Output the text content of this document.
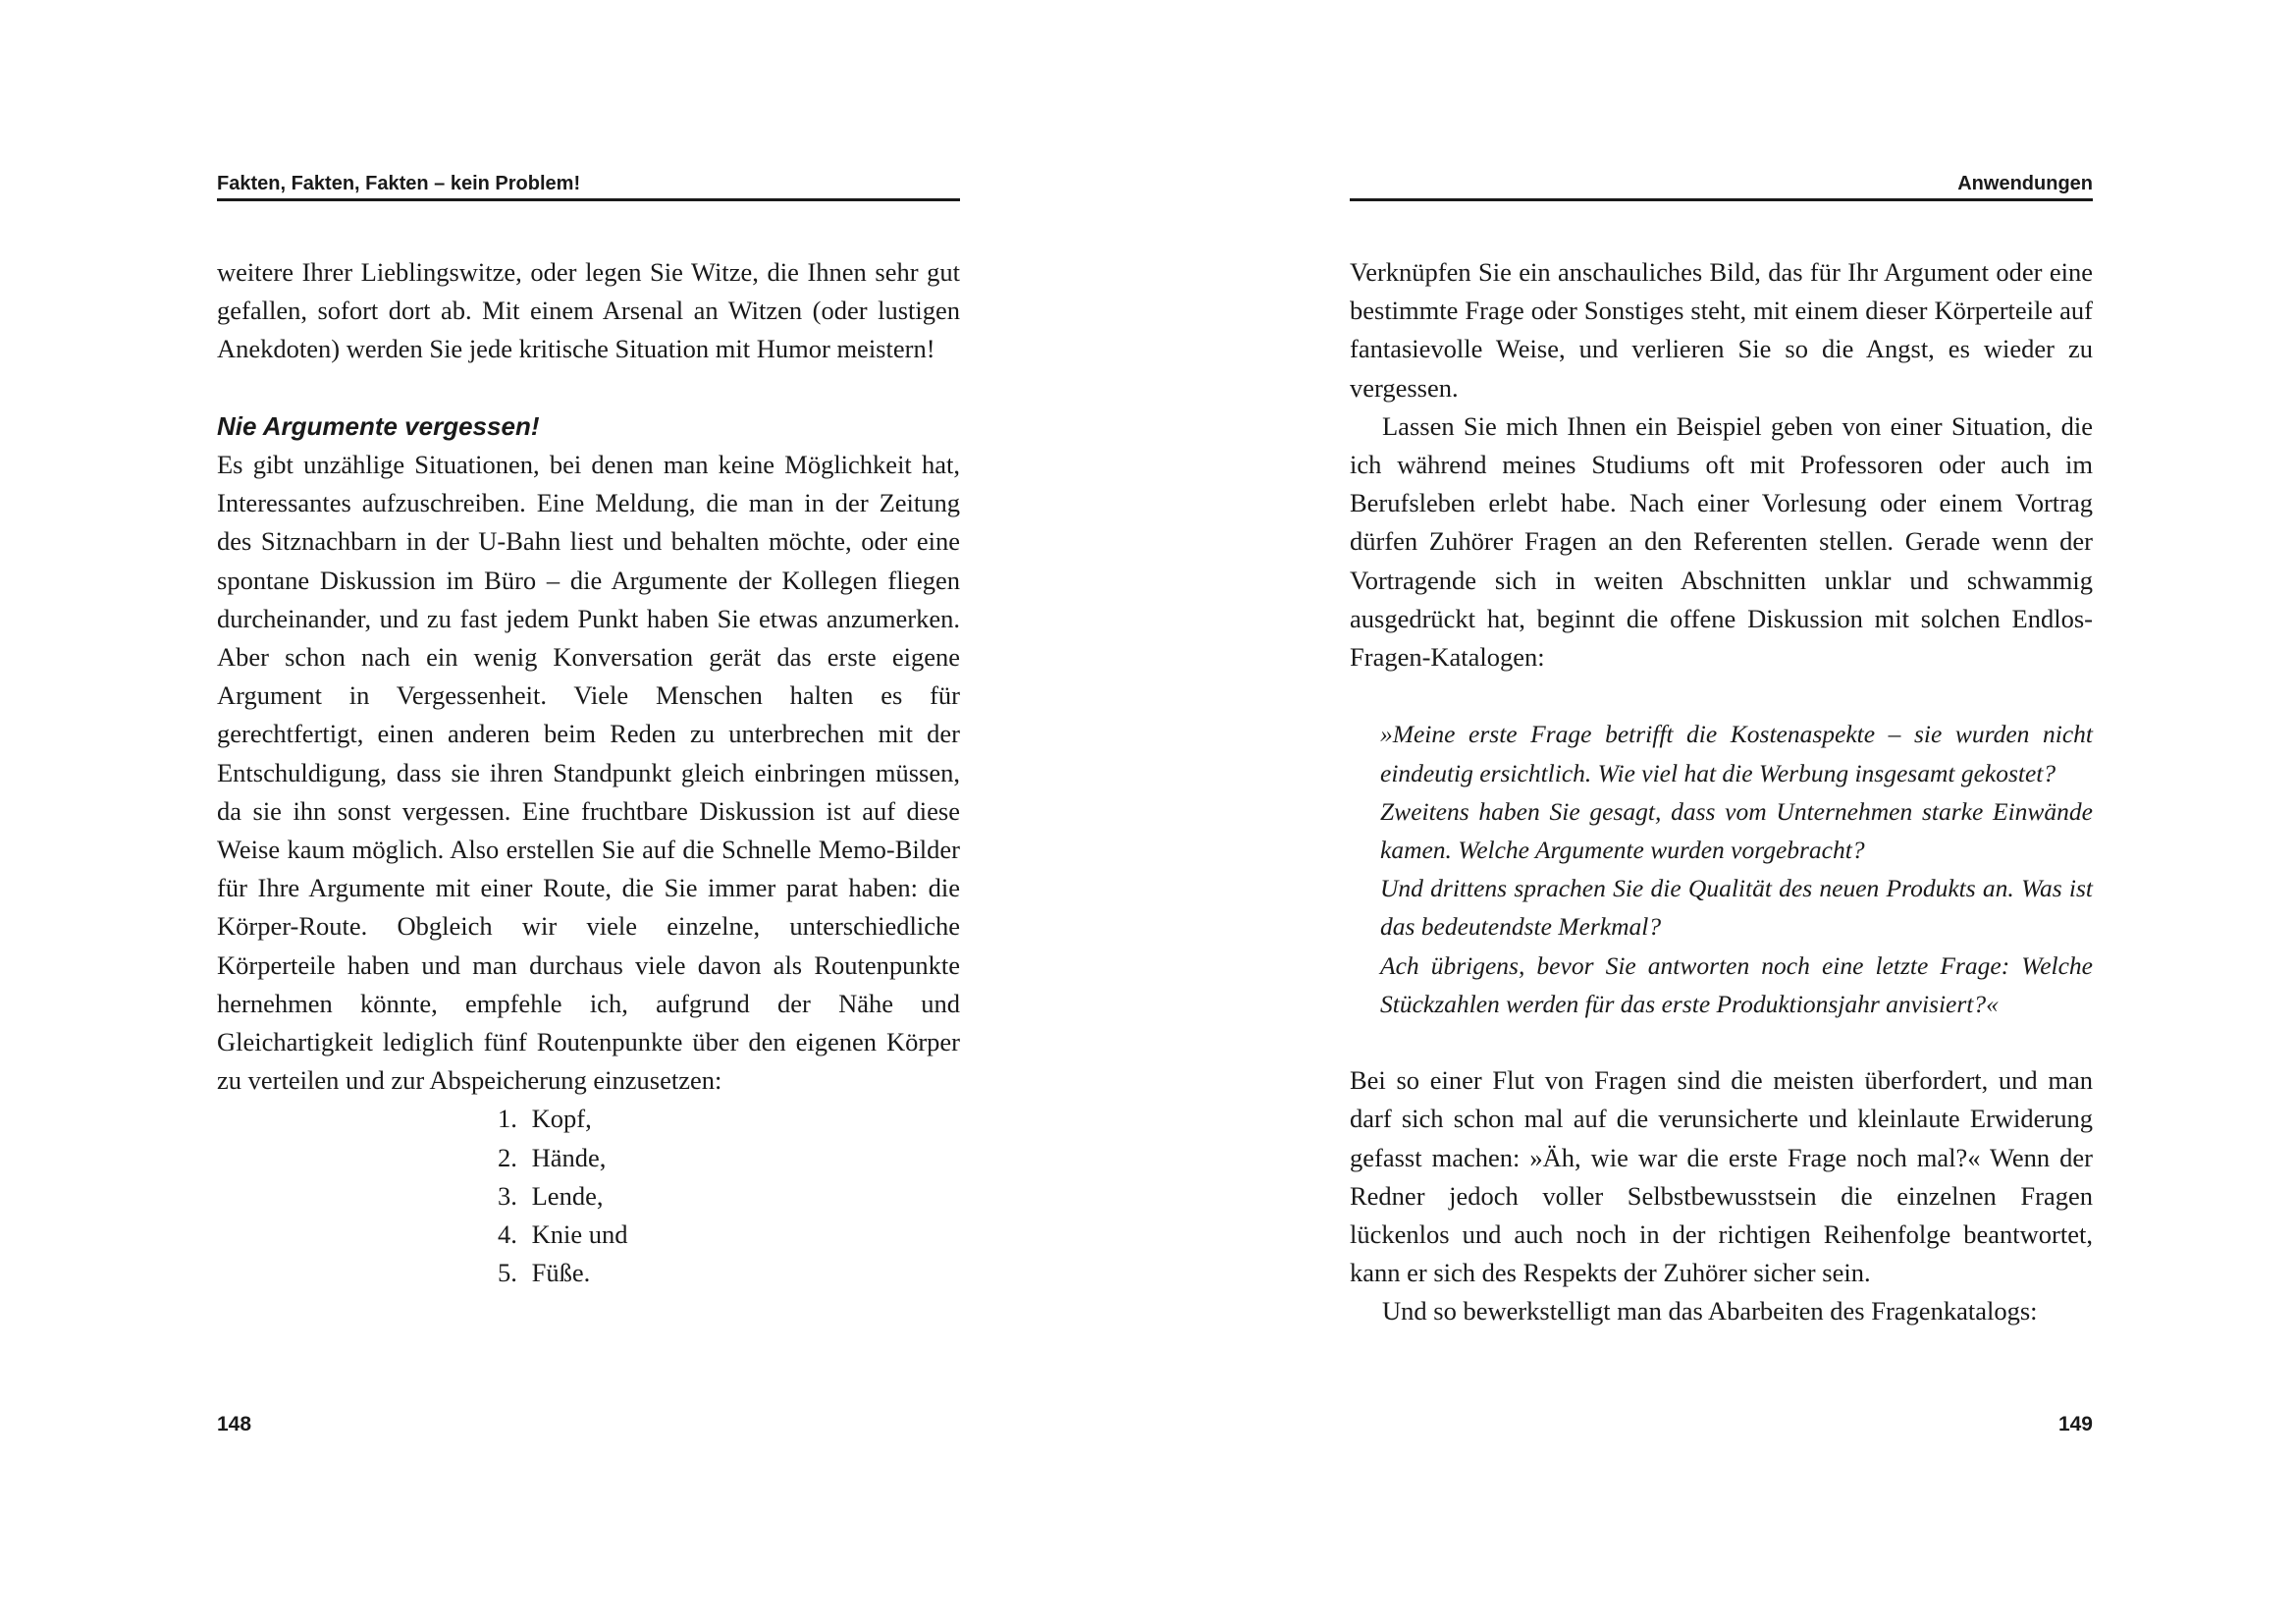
Fakten, Fakten, Fakten – kein Problem!

weitere Ihrer Lieblingswitze, oder legen Sie Witze, die Ihnen sehr gut gefallen, sofort dort ab. Mit einem Arsenal an Witzen (oder lustigen Anekdoten) werden Sie jede kritische Situation mit Humor meistern!

Nie Argumente vergessen!

Es gibt unzählige Situationen, bei denen man keine Möglichkeit hat, Interessantes aufzuschreiben. Eine Meldung, die man in der Zeitung des Sitznachbarn in der U-Bahn liest und behalten möchte, oder eine spontane Diskussion im Büro – die Argumente der Kollegen fliegen durcheinander, und zu fast jedem Punkt haben Sie etwas anzumerken. Aber schon nach ein wenig Konversation gerät das erste eigene Argument in Vergessenheit. Viele Menschen halten es für gerechtfertigt, einen anderen beim Reden zu unterbrechen mit der Entschuldigung, dass sie ihren Standpunkt gleich einbringen müssen, da sie ihn sonst vergessen. Eine fruchtbare Diskussion ist auf diese Weise kaum möglich. Also erstellen Sie auf die Schnelle Memo-Bilder für Ihre Argumente mit einer Route, die Sie immer parat haben: die Körper-Route. Obgleich wir viele einzelne, unterschiedliche Körperteile haben und man durchaus viele davon als Routenpunkte hernehmen könnte, empfehle ich, aufgrund der Nähe und Gleichartigkeit lediglich fünf Routenpunkte über den eigenen Körper zu verteilen und zur Abspeicherung einzusetzen:

1. Kopf,
2. Hände,
3. Lende,
4. Knie und
5. Füße.
148
Anwendungen

Verknüpfen Sie ein anschauliches Bild, das für Ihr Argument oder eine bestimmte Frage oder Sonstiges steht, mit einem dieser Körperteile auf fantasievolle Weise, und verlieren Sie so die Angst, es wieder zu vergessen.

Lassen Sie mich Ihnen ein Beispiel geben von einer Situation, die ich während meines Studiums oft mit Professoren oder auch im Berufsleben erlebt habe. Nach einer Vorlesung oder einem Vortrag dürfen Zuhörer Fragen an den Referenten stellen. Gerade wenn der Vortragende sich in weiten Abschnitten unklar und schwammig ausgedrückt hat, beginnt die offene Diskussion mit solchen Endlos-Fragen-Katalogen:

»Meine erste Frage betrifft die Kostenaspekte – sie wurden nicht eindeutig ersichtlich. Wie viel hat die Werbung insgesamt gekostet?

Zweitens haben Sie gesagt, dass vom Unternehmen starke Einwände kamen. Welche Argumente wurden vorgebracht?

Und drittens sprachen Sie die Qualität des neuen Produkts an. Was ist das bedeutendste Merkmal?

Ach übrigens, bevor Sie antworten noch eine letzte Frage: Welche Stückzahlen werden für das erste Produktionsjahr anvisiert?«

Bei so einer Flut von Fragen sind die meisten überfordert, und man darf sich schon mal auf die verunsicherte und kleinlaute Erwiderung gefasst machen: »Äh, wie war die erste Frage noch mal?« Wenn der Redner jedoch voller Selbstbewusstsein die einzelnen Fragen lückenlos und auch noch in der richtigen Reihenfolge beantwortet, kann er sich des Respekts der Zuhörer sicher sein.

Und so bewerkstelligt man das Abarbeiten des Fragenkatalogs:

149
